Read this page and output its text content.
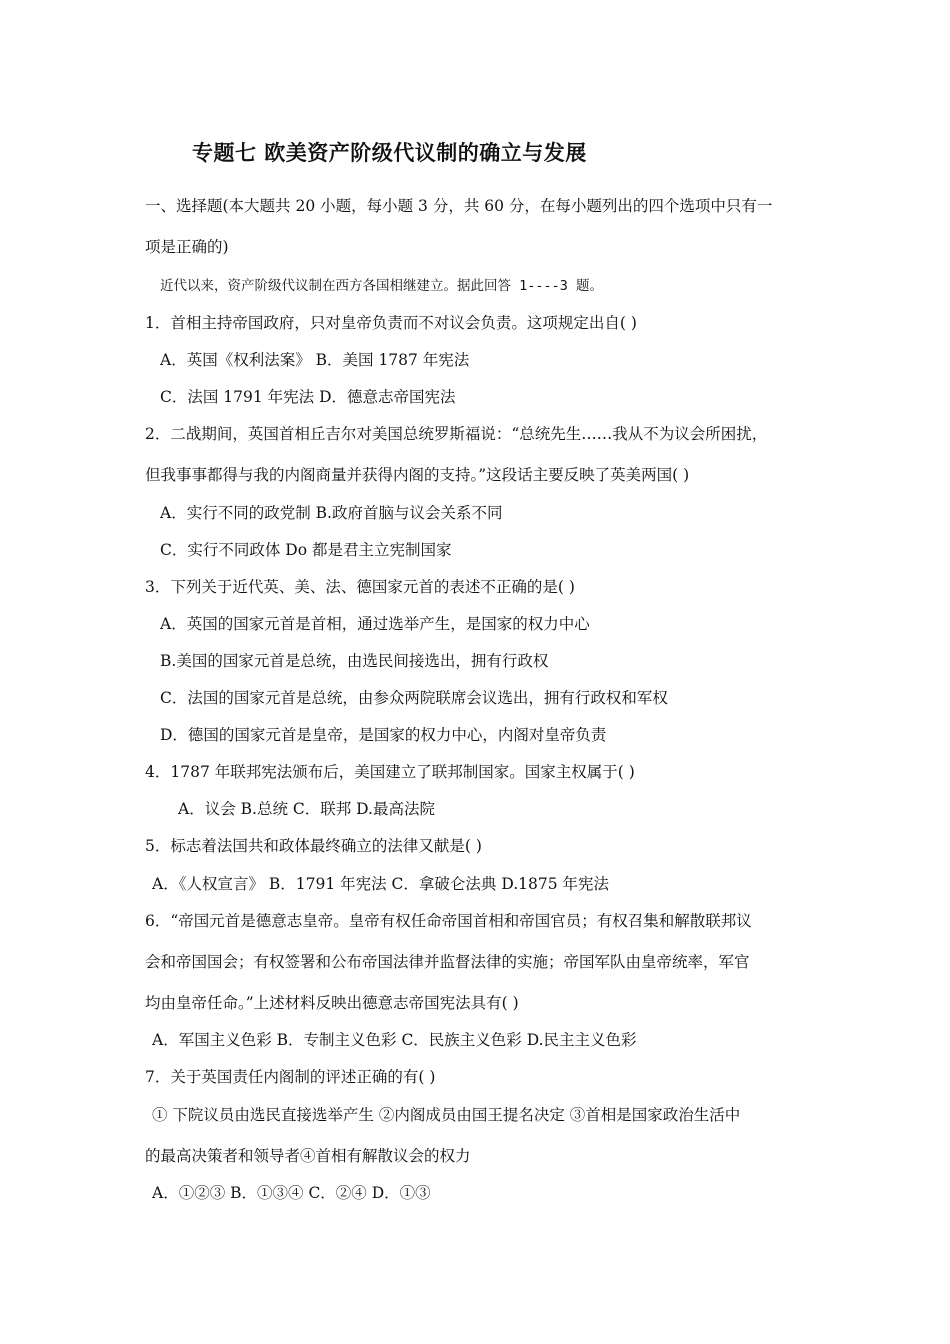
专题七 欧美资产阶级代议制的确立与发展
一、选择题(本大题共 20 小题，每小题 3 分，共 60 分，在每小题列出的四个选项中只有一
项是正确的)
近代以来，资产阶级代议制在西方各国相继建立。据此回答 1----3 题。
1．首相主持帝国政府，只对皇帝负责而不对议会负责。这项规定出自( )
A．英国《权利法案》 B．美国 1787 年宪法
C．法国 1791 年宪法 D．德意志帝国宪法
2．二战期间，英国首相丘吉尔对美国总统罗斯福说：“总统先生……我从不为议会所困扰，
但我事事都得与我的内阁商量并获得内阁的支持。”这段话主要反映了英美两国( )
A．实行不同的政党制 B.政府首脑与议会关系不同
C．实行不同政体 Do 都是君主立宪制国家
3．下列关于近代英、美、法、德国家元首的表述不正确的是( )
A．英国的国家元首是首相，通过选举产生，是国家的权力中心
B.美国的国家元首是总统，由选民间接选出，拥有行政权
C．法国的国家元首是总统，由参众两院联席会议选出，拥有行政权和军权
D．德国的国家元首是皇帝，是国家的权力中心，内阁对皇帝负责
4．1787 年联邦宪法颁布后，美国建立了联邦制国家。国家主权属于( )
A．议会 B.总统 C．联邦 D.最高法院
5．标志着法国共和政体最终确立的法律又献是( )
A．《人权宣言》 B．1791 年宪法 C．拿破仑法典 D.1875 年宪法
6．“帝国元首是德意志皇帝。皇帝有权任命帝国首相和帝国官员；有权召集和解散联邦议
会和帝国国会；有权签署和公布帝国法律并监督法律的实施；帝国军队由皇帝统率，军官
均由皇帝任命。”上述材料反映出德意志帝国宪法具有( )
A．军国主义色彩 B．专制主义色彩 C．民族主义色彩 D.民主主义色彩
7．关于英国责任内阁制的评述正确的有( )
① 下院议员由选民直接选举产生 ②内阁成员由国王提名决定 ③首相是国家政治生活中
的最高决策者和领导者④首相有解散议会的权力
A．①②③ B．①③④ C．②④ D．①③
